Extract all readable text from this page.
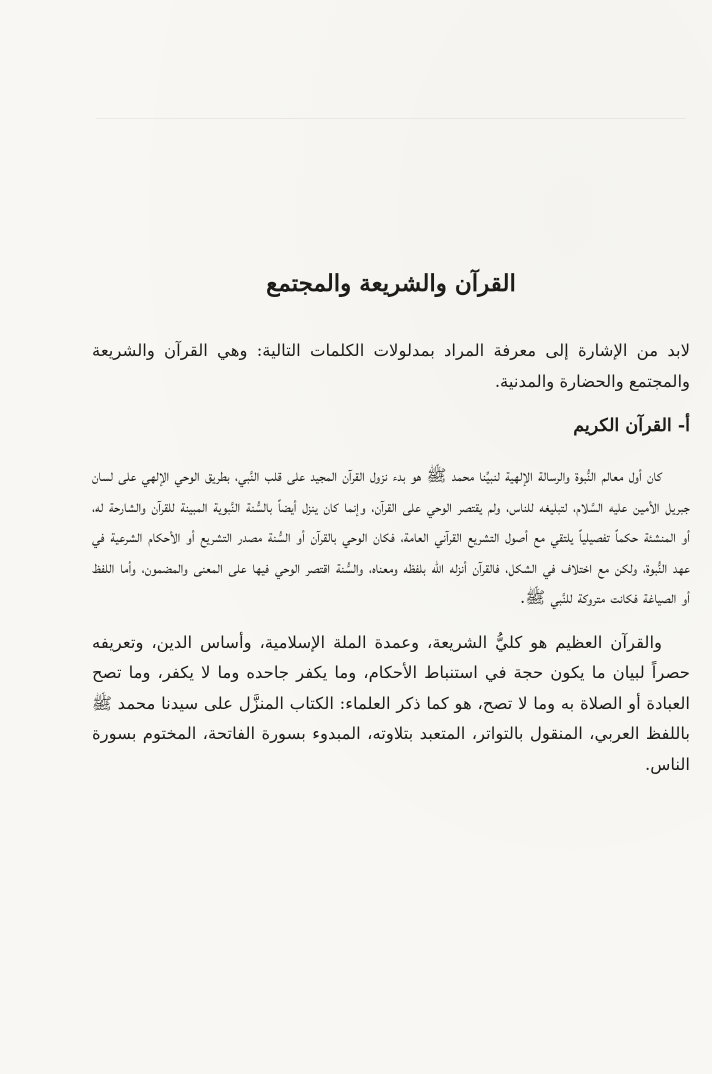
القرآن والشريعة والمجتمع

لابد من الإشارة إلى معرفة المراد بمدلولات الكلمات التالية: وهي القرآن والشريعة والمجتمع والحضارة والمدنية.

أ- القرآن الكريم

كان أول معالم النُّبوة والرسالة الإلهية لنبيِّنا محمد ﷺ هو بدء نزول القرآن المجيد على قلب النَّبي، بطريق الوحي الإلهي على لسان جبريل الأمين عليه السَّلام، لتبليغه للناس، ولم يقتصر الوحي على القرآن، وإنما كان ينزل أيضاً بالسُّنة النَّبوية المبينة للقرآن والشارحة له، أو المنشئة حكماً تفصيلياً يلتقي مع أصول التشريع القرآني العامة، فكان الوحي بالقرآن أو السُّنة مصدر التشريع أو الأحكام الشرعية في عهد النُّبوة، ولكن مع اختلاف في الشكل، فالقرآن أنزله الله بلفظه ومعناه، والسُّنة اقتصر الوحي فيها على المعنى والمضمون، وأما اللفظ أو الصياغة فكانت متروكة للنَّبي ﷺ.

والقرآن العظيم هو كليُّ الشريعة، وعمدة الملة الإسلامية، وأساس الدين، وتعريفه حصراً لبيان ما يكون حجة في استنباط الأحكام، وما يكفر جاحده وما لا يكفر، وما تصح العبادة أو الصلاة به وما لا تصح، هو كما ذكر العلماء: الكتاب المنزَّل على سيدنا محمد ﷺ باللفظ العربي، المنقول بالتواتر، المتعبد بتلاوته، المبدوء بسورة الفاتحة، المختوم بسورة الناس.
